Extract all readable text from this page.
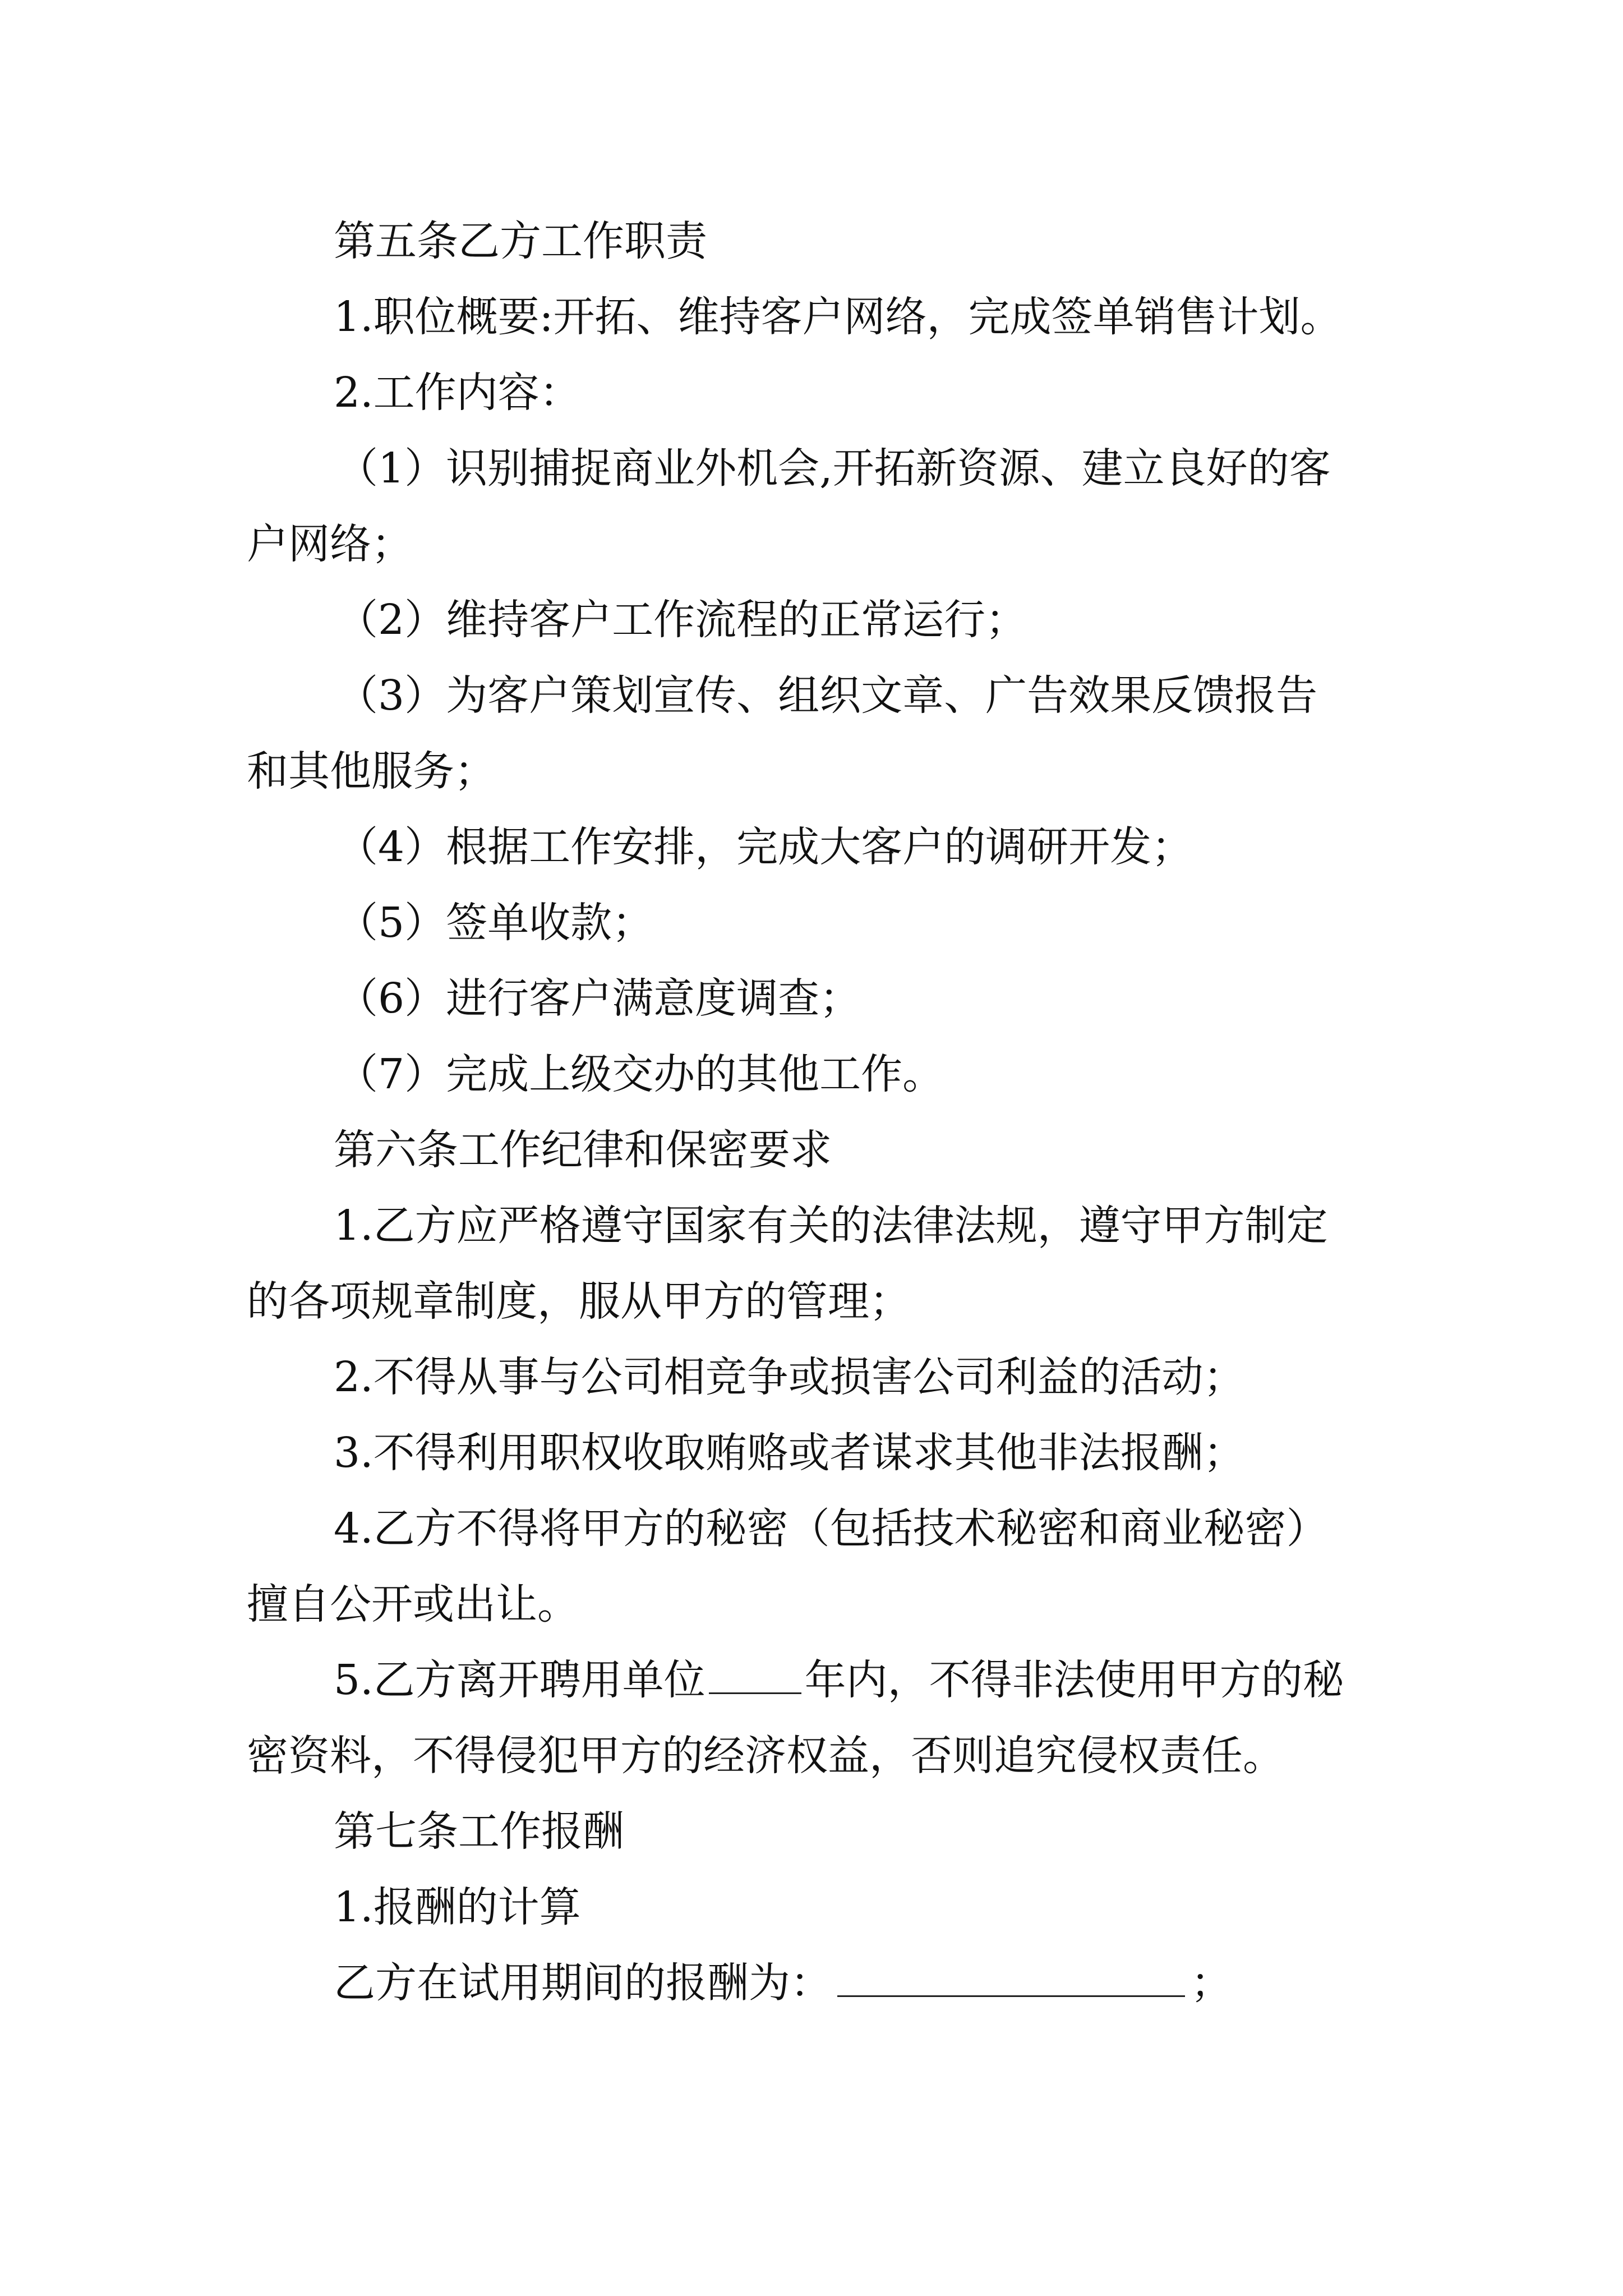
第五条乙方工作职责
1.职位概要:开拓、维持客户网络，完成签单销售计划。
2.工作内容：
（1）识别捕捉商业外机会,开拓新资源、建立良好的客
户网络；
（2）维持客户工作流程的正常运行；
（3）为客户策划宣传、组织文章、广告效果反馈报告
和其他服务；
（4）根据工作安排，完成大客户的调研开发；
（5）签单收款；
（6）进行客户满意度调查；
（7）完成上级交办的其他工作。
第六条工作纪律和保密要求
1.乙方应严格遵守国家有关的法律法规，遵守甲方制定
的各项规章制度，服从甲方的管理；
2.不得从事与公司相竞争或损害公司利益的活动；
3.不得利用职权收取贿赂或者谋求其他非法报酬；
4.乙方不得将甲方的秘密（包括技术秘密和商业秘密）
擅自公开或出让。
5.乙方离开聘用单位 年内，不得非法使用甲方的秘
密资料，不得侵犯甲方的经济权益，否则追究侵权责任。
第七条工作报酬
1.报酬的计算
乙方在试用期间的报酬为：	；
